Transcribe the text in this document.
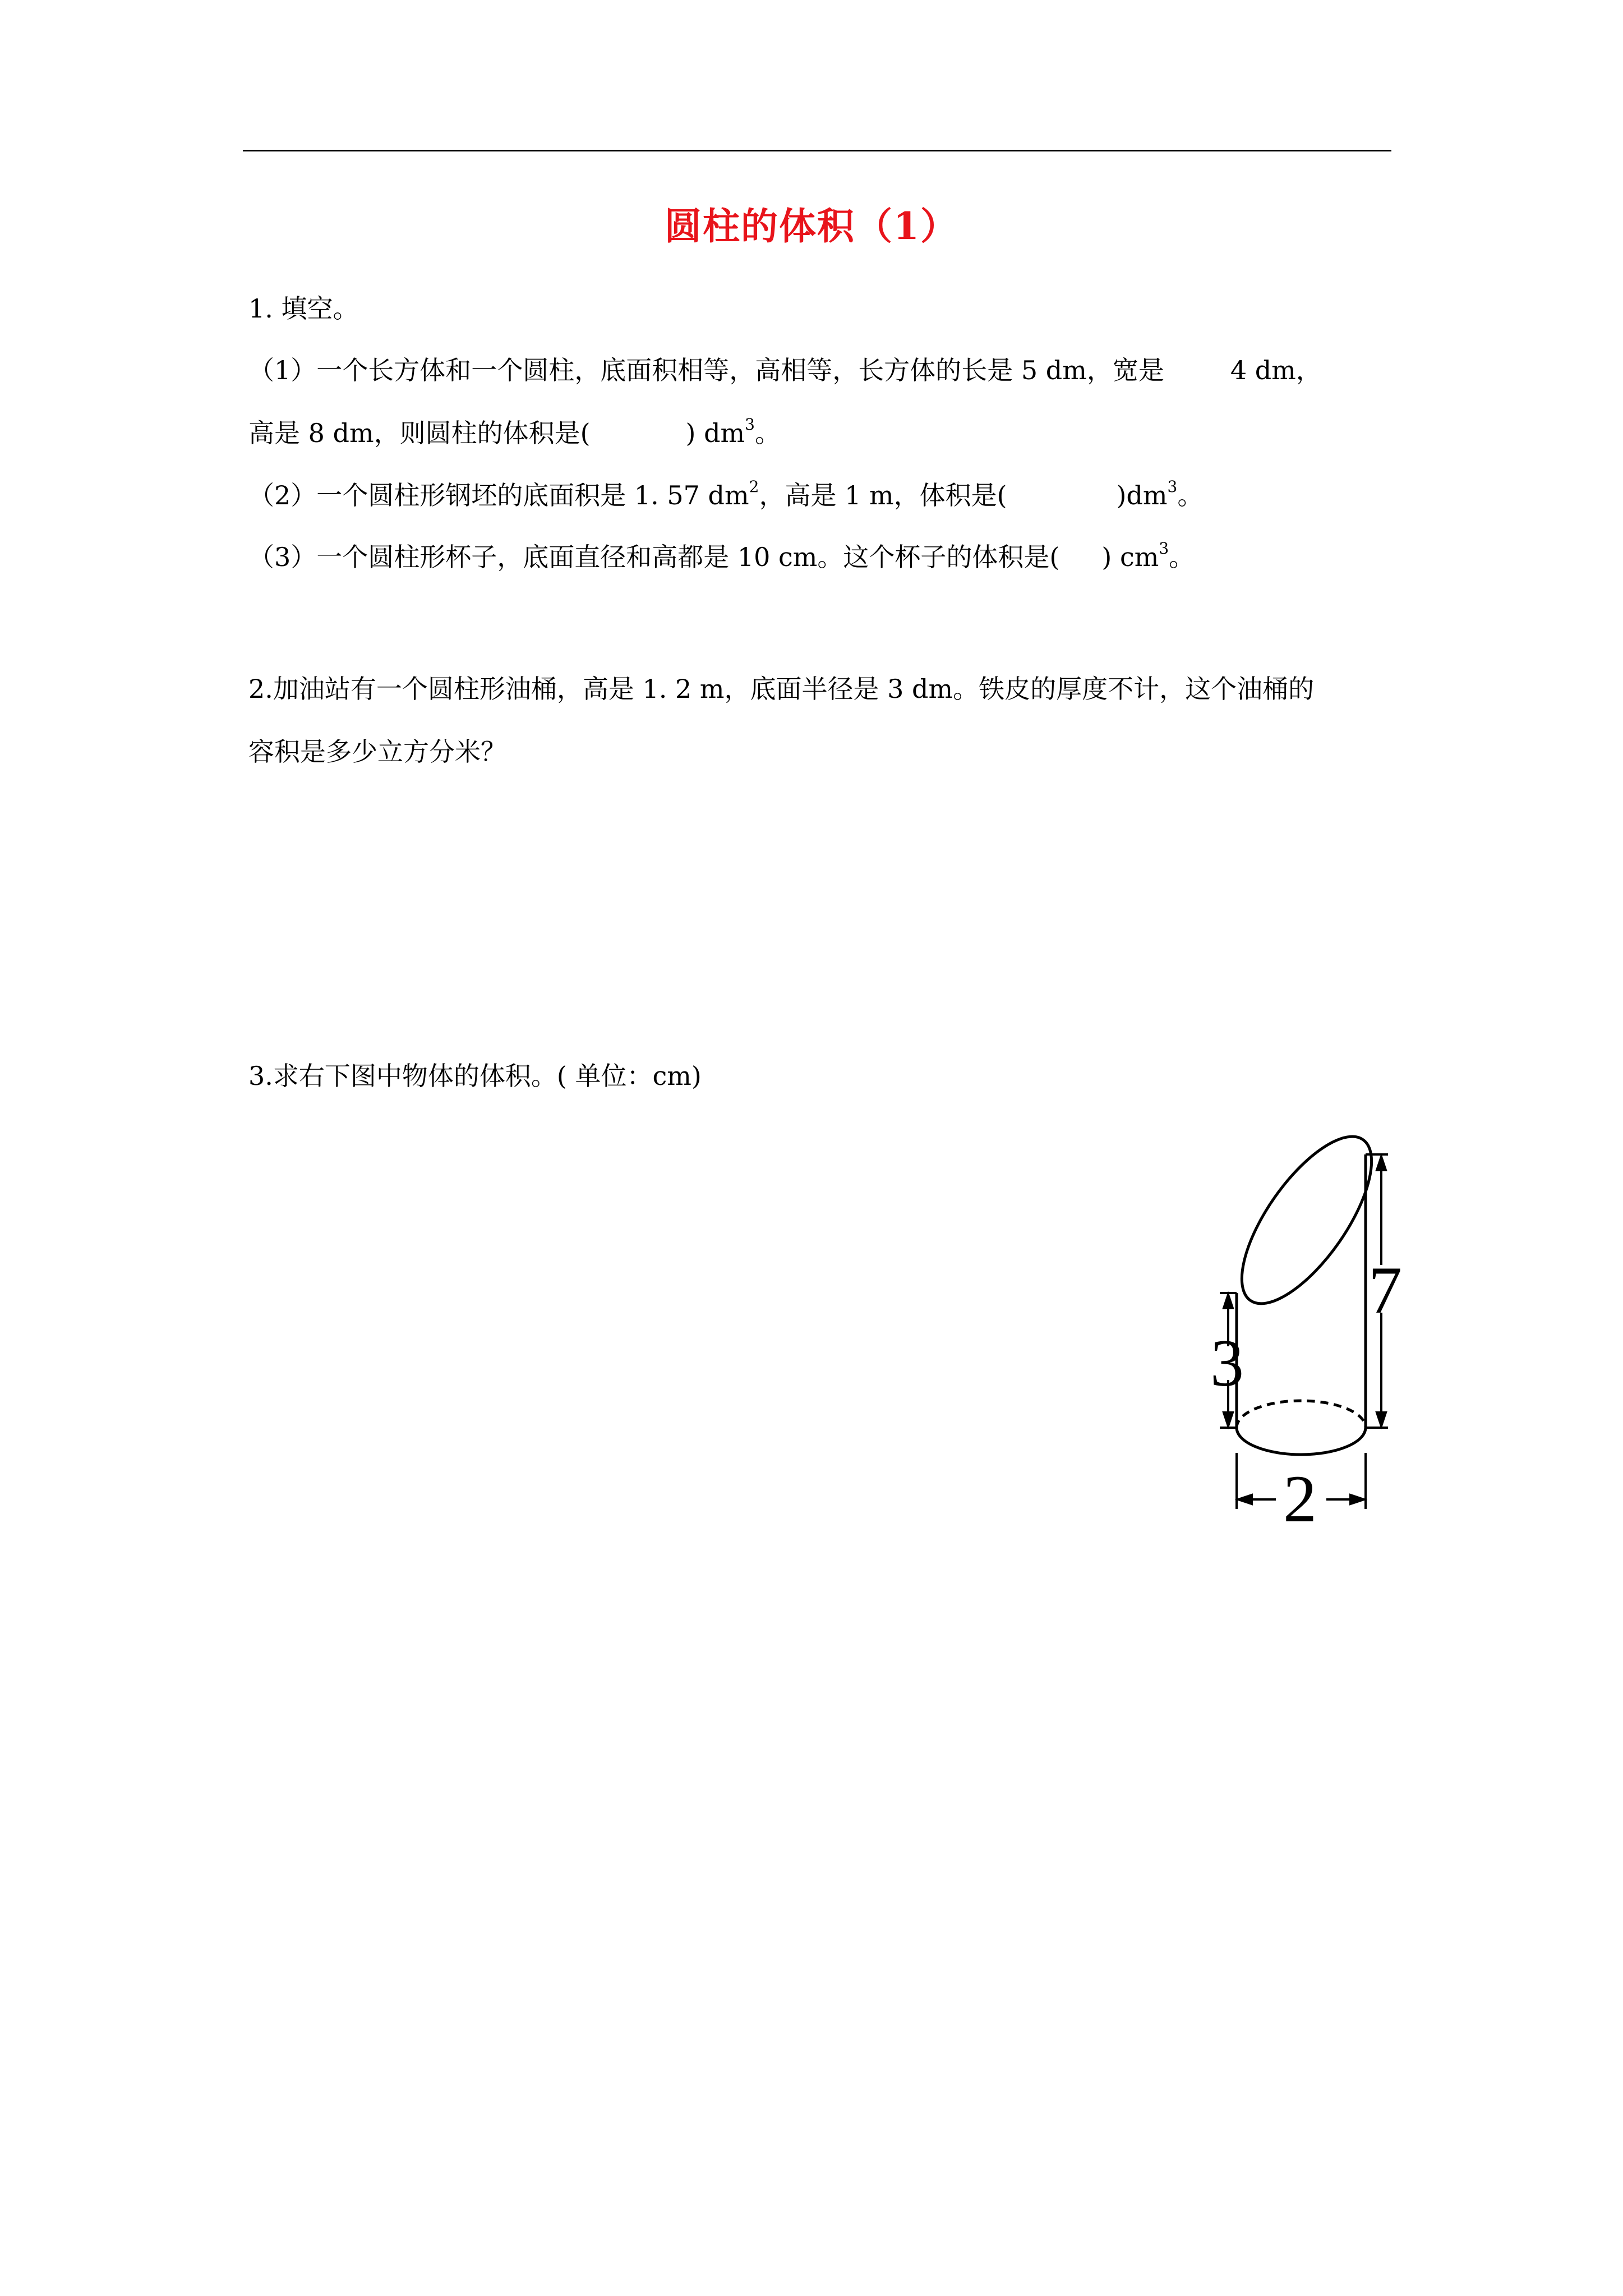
圆柱的体积（1）
1. 填空。
（1）一个长方体和一个圆柱，底面积相等，高相等，长方体的长是 5 dm，宽是	4 dm，
高是 8 dm，则圆柱的体积是(	) $dm^3$。
（2）一个圆柱形钢坯的底面积是 1. 57 $dm^2$，高是 1 m，体积是(	)$dm^3$。
（3）一个圆柱形杯子，底面直径和高都是 10 cm。这个杯子的体积是( ) $cm^3$。
2.加油站有一个圆柱形油桶，高是 1. 2 m，底面半径是 3 dm。铁皮的厚度不计，这个油桶的
容积是多少立方分米？
3.求右下图中物体的体积。( 单位：cm)
3
7
2
